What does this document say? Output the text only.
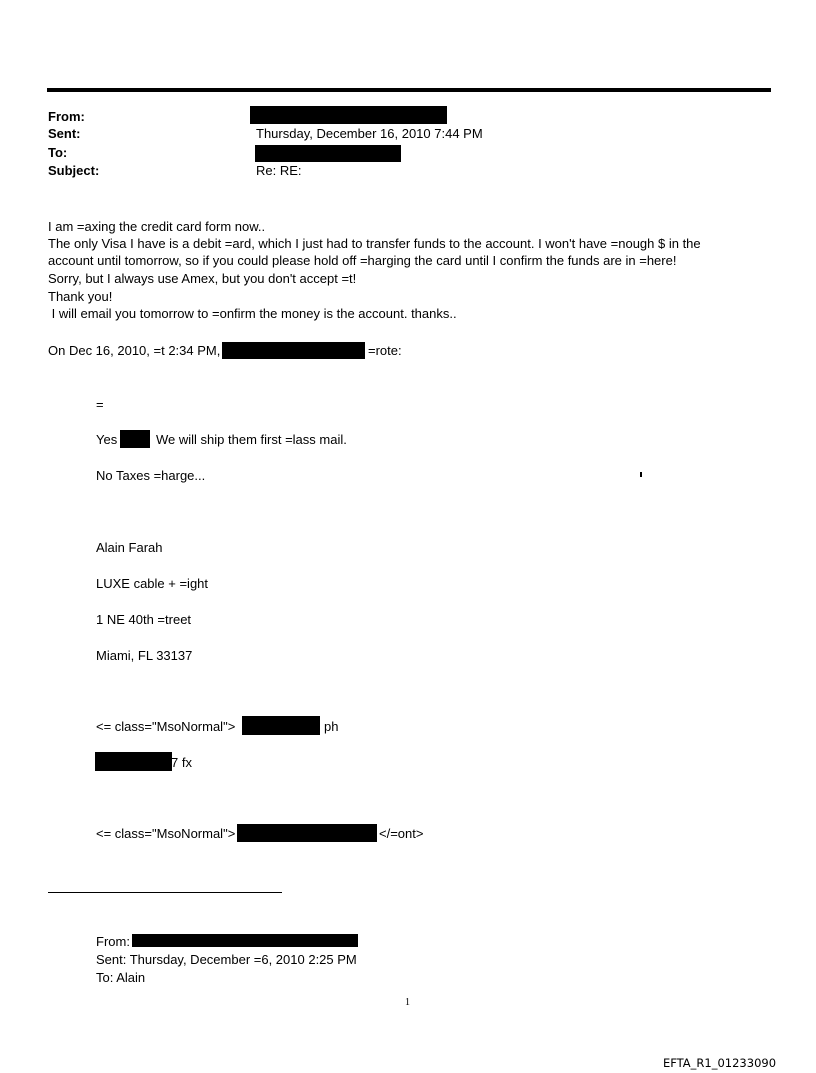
From:
Sent:	Thursday, December 16, 2010 7:44 PM
To:
Subject:	Re: RE:
I am =axing the credit card form now..
The only Visa I have is a debit =ard, which I just had to transfer funds to the account. I won't have =nough $ in the
account until tomorrow, so if you could please hold off =harging the card until I confirm the funds are in =here!
Sorry, but I always use Amex, but you don't accept =t!
Thank you!
I will email you tomorrow to =onfirm the money is the account. thanks..
On Dec 16, 2010, =t 2:34 PM,	=rote:
=
Yes	We will ship them first =lass mail.
No Taxes =harge...
Alain Farah
LUXE cable + =ight
1 NE 40th =treet
Miami, FL 33137
<= class="MsoNormal">	ph
7 fx
<= class="MsoNormal">	</=ont>
From:
Sent: Thursday, December =6, 2010 2:25 PM
To: Alain
1
EFTA_R1_01233090
